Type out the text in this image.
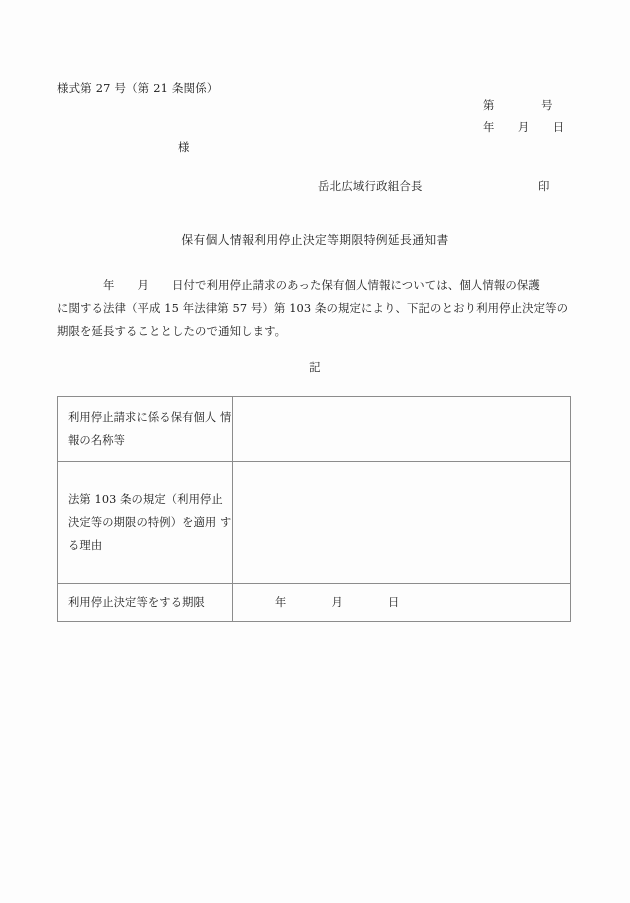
様式第 27 号（第 21 条関係）
第　　　　号
年　　月　　日
様
岳北広域行政組合長	印
保有個人情報利用停止決定等期限特例延長通知書
　　　　年　　月　　日付で利用停止請求のあった保有個人情報については、個人情報の保護
に関する法律（平成 15 年法律第 57 号）第 103 条の規定により、下記のとおり利用停止決定等の
期限を延長することとしたので通知します。
記
利用停止請求に係る保有個人 情報の名称等	

法第 103 条の規定（利用停止 決定等の期限の特例）を適用 する理由	

利用停止決定等をする期限	年　　　　月　　　　日
